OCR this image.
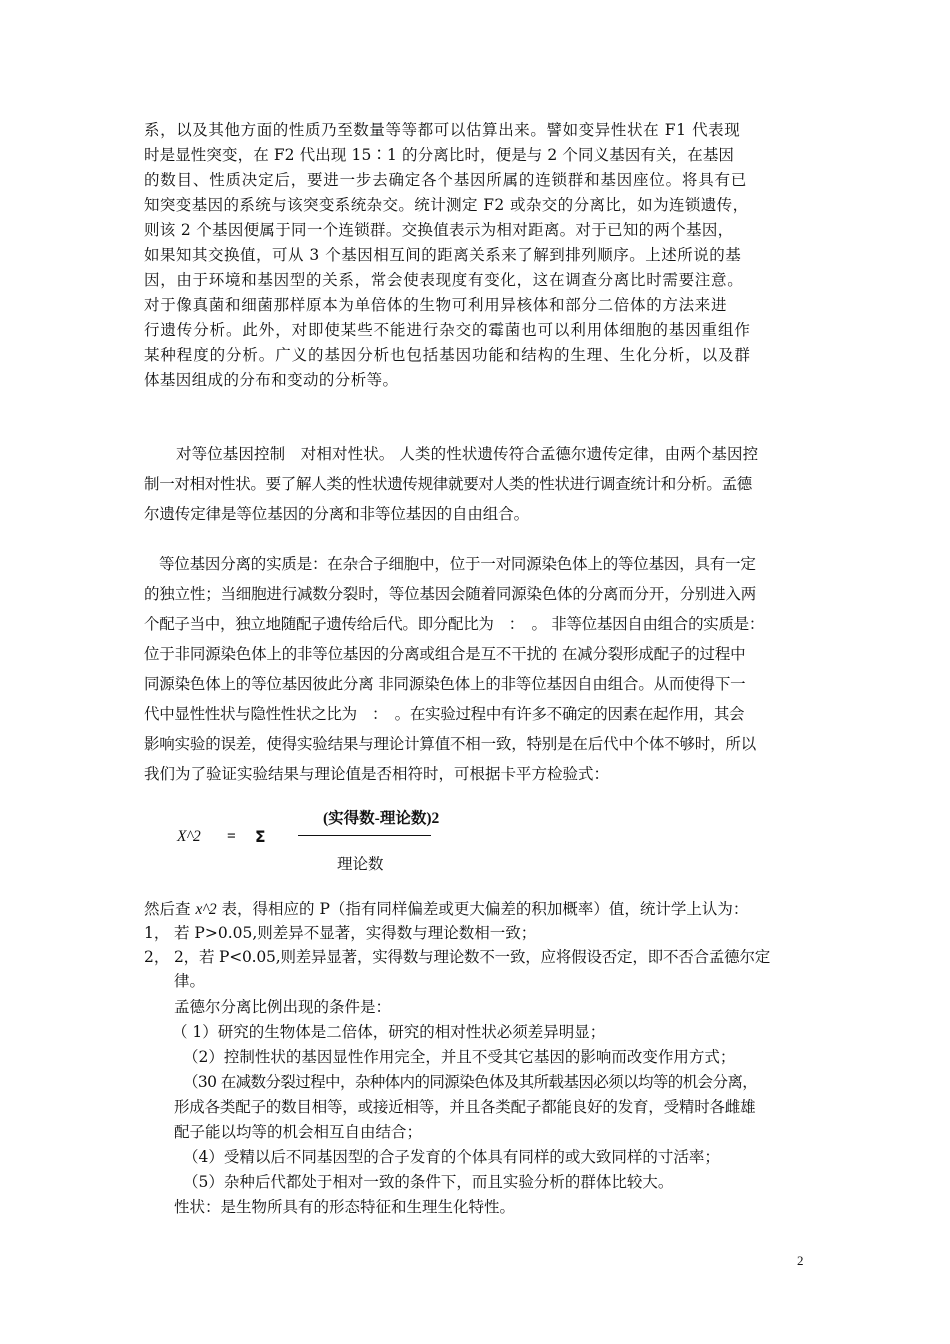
系，以及其他方面的性质乃至数量等等都可以估算出来。譬如变异性状在 F1 代表现
时是显性突变，在 F2 代出现 15∶1 的分离比时，便是与 2 个同义基因有关，在基因
的数目、性质决定后，要进一步去确定各个基因所属的连锁群和基因座位。将具有已
知突变基因的系统与该突变系统杂交。统计测定 F2 或杂交的分离比，如为连锁遗传，
则该 2 个基因便属于同一个连锁群。交换值表示为相对距离。对于已知的两个基因，
如果知其交换值，可从 3 个基因相互间的距离关系来了解到排列顺序。上述所说的基
因，由于环境和基因型的关系，常会使表现度有变化，这在调查分离比时需要注意。
对于像真菌和细菌那样原本为单倍体的生物可利用异核体和部分二倍体的方法来进
行遗传分析。此外，对即使某些不能进行杂交的霉菌也可以利用体细胞的基因重组作
某种程度的分析。广义的基因分析也包括基因功能和结构的生理、生化分析，以及群
体基因组成的分布和变动的分析等。
对等位基因控制　对相对性状。 人类的性状遗传符合孟德尔遗传定律，由两个基因控
制一对相对性状。要了解人类的性状遗传规律就要对人类的性状进行调查统计和分析。孟德
尔遗传定律是等位基因的分离和非等位基因的自由组合。
等位基因分离的实质是：在杂合子细胞中，位于一对同源染色体上的等位基因，具有一定
的独立性；当细胞进行减数分裂时，等位基因会随着同源染色体的分离而分开，分别进入两
个配子当中，独立地随配子遗传给后代。即分配比为　：　。 非等位基因自由组合的实质是：
位于非同源染色体上的非等位基因的分离或组合是互不干扰的 在减分裂形成配子的过程中
同源染色体上的等位基因彼此分离 非同源染色体上的非等位基因自由组合。从而使得下一
代中显性性状与隐性性状之比为　：　。在实验过程中有许多不确定的因素在起作用，其会
影响实验的误差，使得实验结果与理论计算值不相一致，特别是在后代中个体不够时，所以
我们为了验证实验结果与理论值是否相符时，可根据卡平方检验式：
(实得数-理论数)2
X^2 = Σ
理论数
然后查 x^2 表，得相应的 P（指有同样偏差或更大偏差的积加概率）值，统计学上认为：
1， 若 P>0.05,则差异不显著，实得数与理论数相一致；
2， 2，若 P<0.05,则差异显著，实得数与理论数不一致，应将假设否定，即不否合孟德尔定
律。
孟德尔分离比例出现的条件是：
（ 1）研究的生物体是二倍体，研究的相对性状必须差异明显；
（2）控制性状的基因显性作用完全，并且不受其它基因的影响而改变作用方式；
（30 在减数分裂过程中，杂种体内的同源染色体及其所载基因必须以均等的机会分离，
形成各类配子的数目相等，或接近相等，并且各类配子都能良好的发育，受精时各雌雄
配子能以均等的机会相互自由结合；
（4）受精以后不同基因型的合子发育的个体具有同样的或大致同样的寸活率；
（5）杂种后代都处于相对一致的条件下，而且实验分析的群体比较大。
性状：是生物所具有的形态特征和生理生化特性。
2
